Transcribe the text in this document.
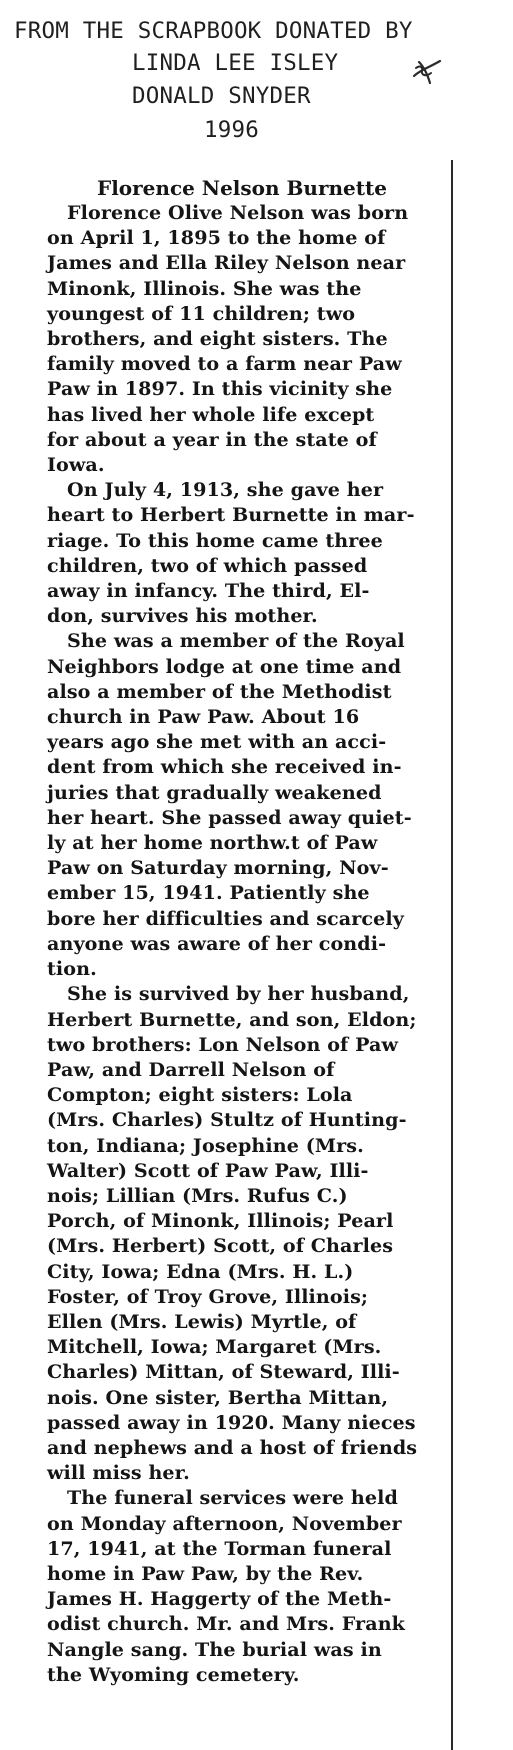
FROM THE SCRAPBOOK DONATED BY
LINDA LEE ISLEY
DONALD SNYDER
1996
Florence Nelson Burnette
Florence Olive Nelson was born
on April 1, 1895 to the home of
James and Ella Riley Nelson near
Minonk, Illinois. She was the
youngest of 11 children; two
brothers, and eight sisters. The
family moved to a farm near Paw
Paw in 1897. In this vicinity she
has lived her whole life except
for about a year in the state of
Iowa.
On July 4, 1913, she gave her
heart to Herbert Burnette in mar-
riage. To this home came three
children, two of which passed
away in infancy. The third, El-
don, survives his mother.
She was a member of the Royal
Neighbors lodge at one time and
also a member of the Methodist
church in Paw Paw. About 16
years ago she met with an acci-
dent from which she received in-
juries that gradually weakened
her heart. She passed away quiet-
ly at her home northw.t of Paw
Paw on Saturday morning, Nov-
ember 15, 1941. Patiently she
bore her difficulties and scarcely
anyone was aware of her condi-
tion.
She is survived by her husband,
Herbert Burnette, and son, Eldon;
two brothers: Lon Nelson of Paw
Paw, and Darrell Nelson of
Compton; eight sisters: Lola
(Mrs. Charles) Stultz of Hunting-
ton, Indiana; Josephine (Mrs.
Walter) Scott of Paw Paw, Illi-
nois; Lillian (Mrs. Rufus C.)
Porch, of Minonk, Illinois; Pearl
(Mrs. Herbert) Scott, of Charles
City, Iowa; Edna (Mrs. H. L.)
Foster, of Troy Grove, Illinois;
Ellen (Mrs. Lewis) Myrtle, of
Mitchell, Iowa; Margaret (Mrs.
Charles) Mittan, of Steward, Illi-
nois. One sister, Bertha Mittan,
passed away in 1920. Many nieces
and nephews and a host of friends
will miss her.
The funeral services were held
on Monday afternoon, November
17, 1941, at the Torman funeral
home in Paw Paw, by the Rev.
James H. Haggerty of the Meth-
odist church. Mr. and Mrs. Frank
Nangle sang. The burial was in
the Wyoming cemetery.
